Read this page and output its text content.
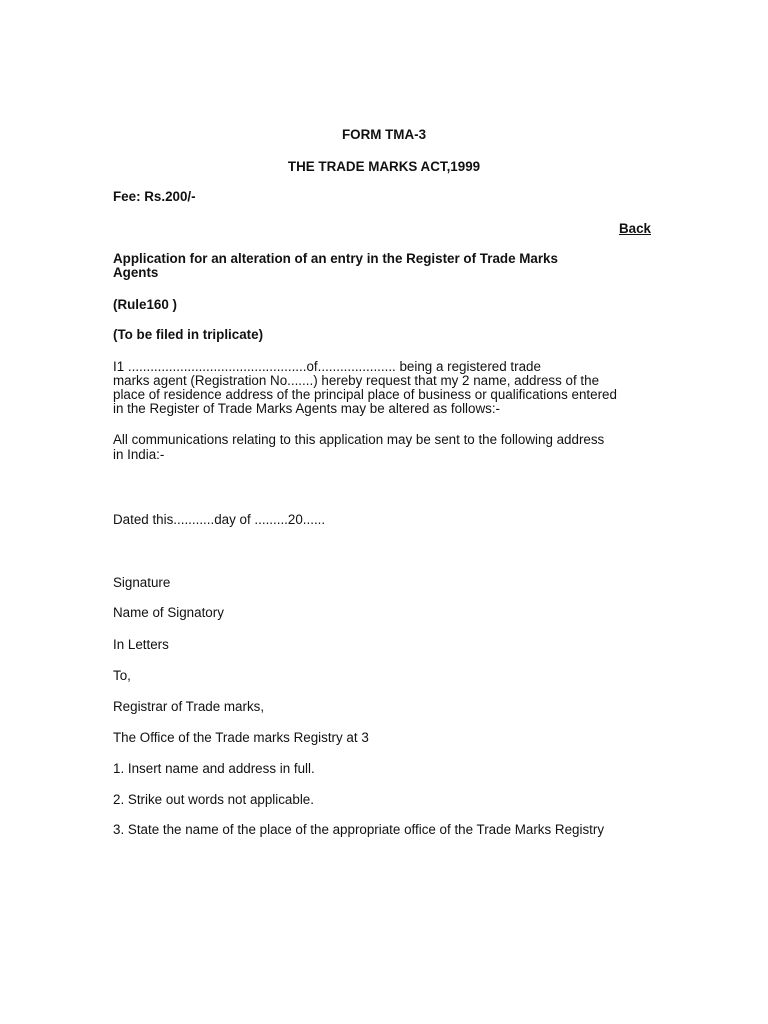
FORM TMA-3
THE TRADE MARKS ACT,1999
Fee: Rs.200/-
Back
Application for an alteration of an entry in the Register of Trade Marks
Agents
(Rule160 )
(To be filed in triplicate)
I1 ................................................of..................... being a registered trade
marks agent (Registration No.......) hereby request that my 2 name, address of the
place of residence address of the principal place of business or qualifications entered
in the Register of Trade Marks Agents may be altered as follows:-
All communications relating to this application may be sent to the following address
in India:-
Dated this...........day of .........20......
Signature
Name of Signatory
In Letters
To,
Registrar of Trade marks,
The Office of the Trade marks Registry at 3
1. Insert name and address in full.
2. Strike out words not applicable.
3. State the name of the place of the appropriate office of the Trade Marks Registry
